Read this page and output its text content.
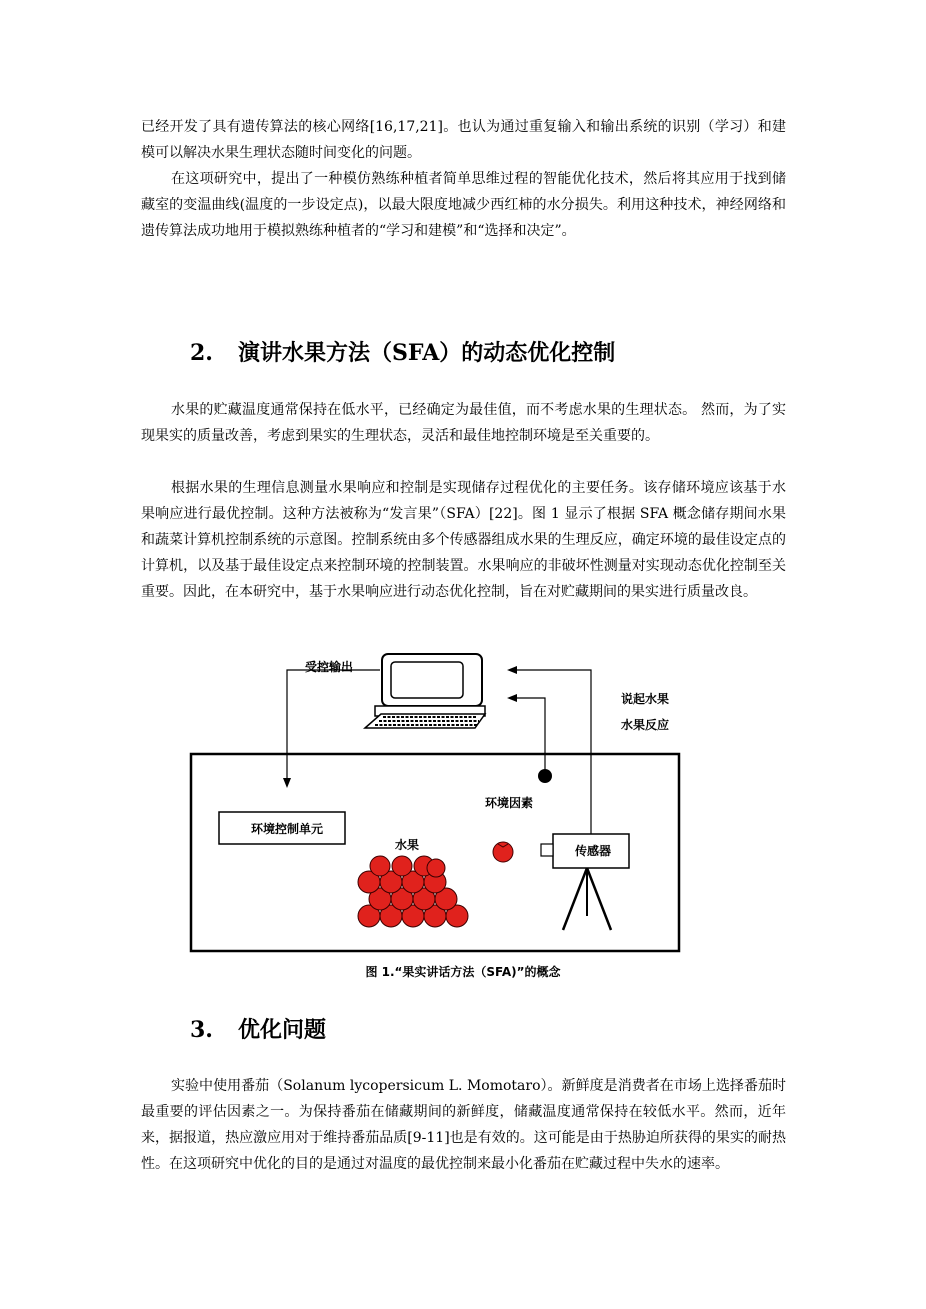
已经开发了具有遗传算法的核心网络[16,17,21]。也认为通过重复输入和输出系统的识别（学习）和建模可以解决水果生理状态随时间变化的问题。

在这项研究中，提出了一种模仿熟练种植者简单思维过程的智能优化技术，然后将其应用于找到储藏室的变温曲线(温度的一步设定点)，以最大限度地减少西红柿的水分损失。利用这种技术，神经网络和遗传算法成功地用于模拟熟练种植者的“学习和建模”和“选择和决定”。

2. 演讲水果方法（SFA）的动态优化控制

水果的贮藏温度通常保持在低水平，已经确定为最佳值，而不考虑水果的生理状态。 然而，为了实现果实的质量改善，考虑到果实的生理状态，灵活和最佳地控制环境是至关重要的。

根据水果的生理信息测量水果响应和控制是实现储存过程优化的主要任务。该存储环境应该基于水果响应进行最优控制。这种方法被称为“发言果”（SFA）[22]。图 1 显示了根据 SFA 概念储存期间水果和蔬菜计算机控制系统的示意图。控制系统由多个传感器组成水果的生理反应，确定环境的最佳设定点的计算机，以及基于最佳设定点来控制环境的控制装置。水果响应的非破坏性测量对实现动态优化控制至关重要。因此，在本研究中，基于水果响应进行动态优化控制，旨在对贮藏期间的果实进行质量改良。

受控输出
说起水果
水果反应
环境因素
环境控制单元
水果	传感器
图 1.“果实讲话方法（SFA)”的概念
3. 优化问题

实验中使用番茄（Solanum lycopersicum L. Momotaro）。新鲜度是消费者在市场上选择番茄时最重要的评估因素之一。为保持番茄在储藏期间的新鲜度，储藏温度通常保持在较低水平。然而，近年来，据报道，热应激应用对于维持番茄品质[9-11]也是有效的。这可能是由于热胁迫所获得的果实的耐热性。在这项研究中优化的目的是通过对温度的最优控制来最小化番茄在贮藏过程中失水的速率。
